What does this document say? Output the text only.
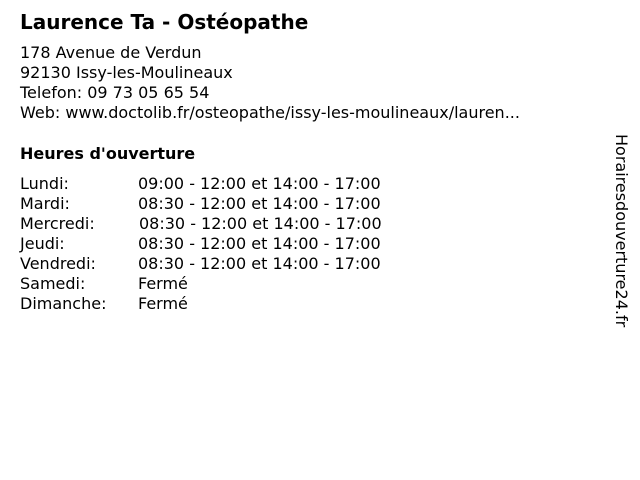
Laurence Ta - Ostéopathe
178 Avenue de Verdun
92130 Issy-les-Moulineaux
Telefon: 09 73 05 65 54
Web: www.doctolib.fr/osteopathe/issy-les-moulineaux/lauren...
Heures d'ouverture
Lundi:	09:00 - 12:00 et 14:00 - 17:00
Mardi:	08:30 - 12:00 et 14:00 - 17:00
Mercredi:	08:30 - 12:00 et 14:00 - 17:00
Jeudi:	08:30 - 12:00 et 14:00 - 17:00
Vendredi:	08:30 - 12:00 et 14:00 - 17:00
Samedi:	Fermé
Dimanche: Fermé	Horairesdouverture24.fr
